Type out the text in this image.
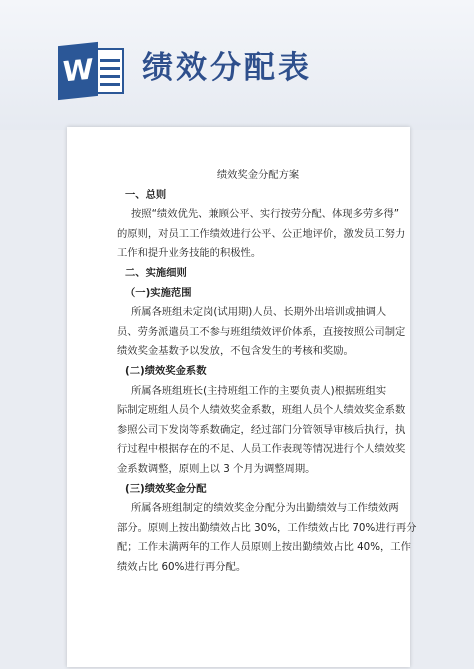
W 绩效分配表

绩效奖金分配方案

一、总则

按照“绩效优先、兼顾公平、实行按劳分配、体现多劳多得”

的原则，对员工工作绩效进行公平、公正地评价，激发员工努力

工作和提升业务技能的积极性。

二、实施细则

（一)实施范围

所属各班组未定岗(试用期)人员、长期外出培训或抽调人

员、劳务派遣员工不参与班组绩效评价体系，直接按照公司制定

绩效奖金基数予以发放，不包含发生的考核和奖励。

(二)绩效奖金系数

所属各班组班长(主持班组工作的主要负责人)根据班组实

际制定班组人员个人绩效奖金系数，班组人员个人绩效奖金系数

参照公司下发岗等系数确定，经过部门分管领导审核后执行，执

行过程中根据存在的不足、人员工作表现等情况进行个人绩效奖

金系数调整，原则上以 3 个月为调整周期。

(三)绩效奖金分配

所属各班组制定的绩效奖金分配分为出勤绩效与工作绩效两

部分。原则上按出勤绩效占比 30%，工作绩效占比 70%进行再分

配；工作未满两年的工作人员原则上按出勤绩效占比 40%，工作

绩效占比 60%进行再分配。
